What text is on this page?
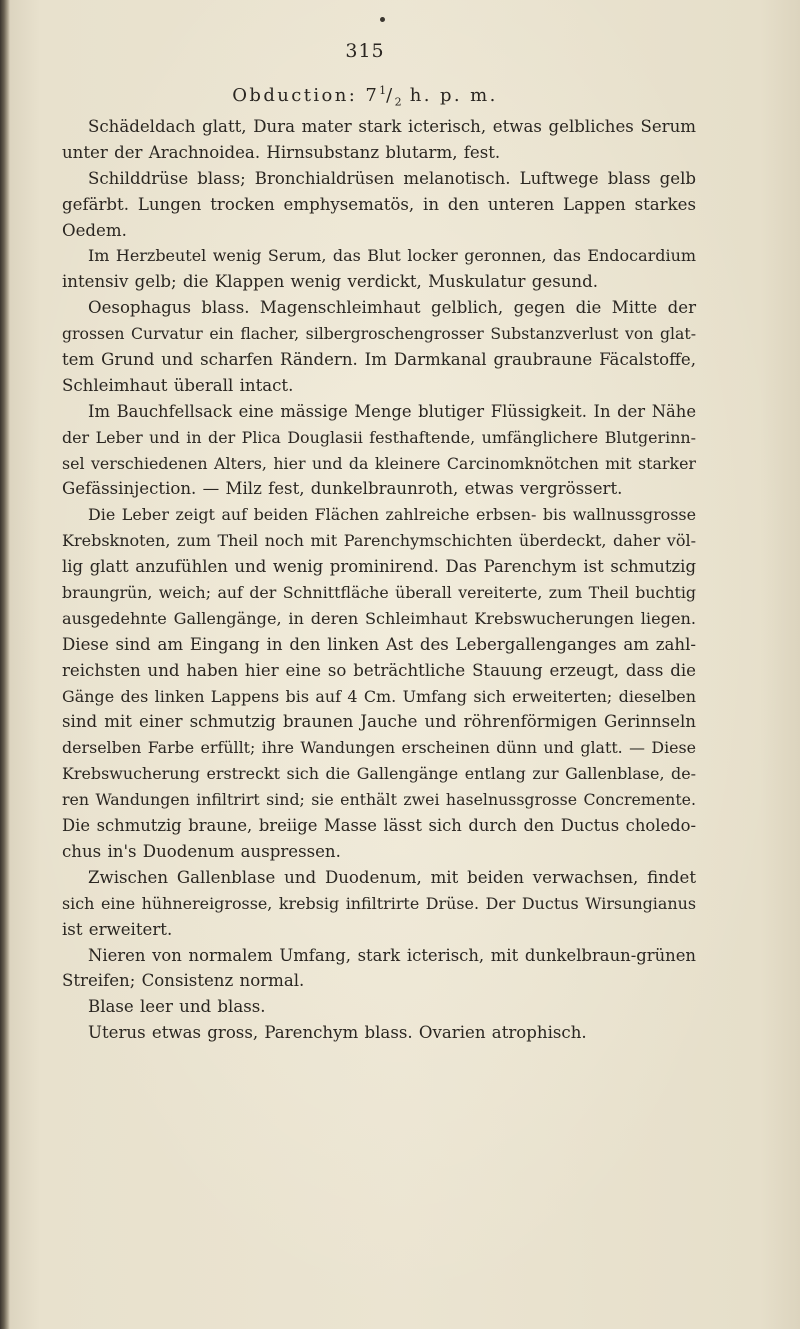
315
Obduction: $7^1/_2$ h. p. m.
Schädeldach glatt, Dura mater stark icterisch, etwas gelbliches Serum
unter der Arachnoidea. Hirnsubstanz blutarm, fest.
Schilddrüse blass; Bronchialdrüsen melanotisch. Luftwege blass gelb
gefärbt. Lungen trocken emphysematös, in den unteren Lappen starkes
Oedem.
Im Herzbeutel wenig Serum, das Blut locker geronnen, das Endocardium
intensiv gelb; die Klappen wenig verdickt, Muskulatur gesund.
Oesophagus blass. Magenschleimhaut gelblich, gegen die Mitte der
grossen Curvatur ein flacher, silbergroschengrosser Substanzverlust von glat-
tem Grund und scharfen Rändern. Im Darmkanal graubraune Fäcalstoffe,
Schleimhaut überall intact.
Im Bauchfellsack eine mässige Menge blutiger Flüssigkeit. In der Nähe
der Leber und in der Plica Douglasii festhaftende, umfänglichere Blutgerinn-
sel verschiedenen Alters, hier und da kleinere Carcinomknötchen mit starker
Gefässinjection. — Milz fest, dunkelbraunroth, etwas vergrössert.
Die Leber zeigt auf beiden Flächen zahlreiche erbsen- bis wallnussgrosse
Krebsknoten, zum Theil noch mit Parenchymschichten überdeckt, daher völ-
lig glatt anzufühlen und wenig prominirend. Das Parenchym ist schmutzig
braungrün, weich; auf der Schnittfläche überall vereiterte, zum Theil buchtig
ausgedehnte Gallengänge, in deren Schleimhaut Krebswucherungen liegen.
Diese sind am Eingang in den linken Ast des Lebergallenganges am zahl-
reichsten und haben hier eine so beträchtliche Stauung erzeugt, dass die
Gänge des linken Lappens bis auf 4 Cm. Umfang sich erweiterten; dieselben
sind mit einer schmutzig braunen Jauche und röhrenförmigen Gerinnseln
derselben Farbe erfüllt; ihre Wandungen erscheinen dünn und glatt. — Diese
Krebswucherung erstreckt sich die Gallengänge entlang zur Gallenblase, de-
ren Wandungen infiltrirt sind; sie enthält zwei haselnussgrosse Concremente.
Die schmutzig braune, breiige Masse lässt sich durch den Ductus choledo-
chus in's Duodenum auspressen.
Zwischen Gallenblase und Duodenum, mit beiden verwachsen, findet
sich eine hühnereigrosse, krebsig infiltrirte Drüse. Der Ductus Wirsungianus
ist erweitert.
Nieren von normalem Umfang, stark icterisch, mit dunkelbraun-grünen
Streifen; Consistenz normal.
Blase leer und blass.
Uterus etwas gross, Parenchym blass. Ovarien atrophisch.
